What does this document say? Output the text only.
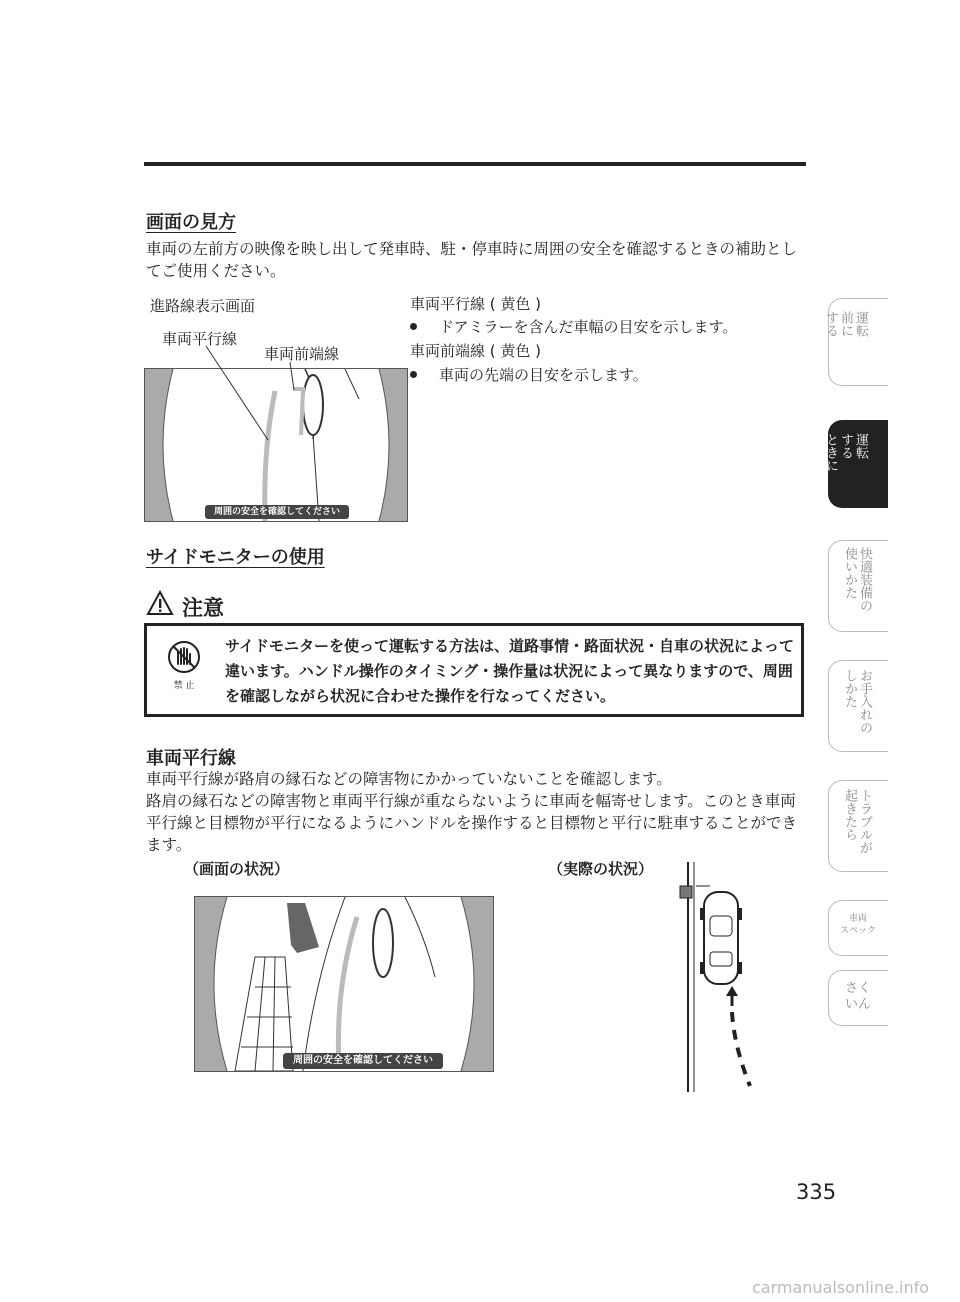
画面の見方

車両の左前方の映像を映し出して発車時、駐・停車時に周囲の安全を確認するときの補助としてご使用ください。

進路線表示画面
車両平行線
車両前端線
周囲の安全を確認してください
車両平行線 ( 黄色 )
ドアミラーを含んだ車幅の目安を示します。
車両前端線 ( 黄色 )
車両の先端の目安を示します。
サイドモニターの使用
注意
禁 止
サイドモニターを使って運転する方法は、道路事情・路面状況・自車の状況によって違います。ハンドル操作のタイミング・操作量は状況によって異なりますので、周囲を確認しながら状況に合わせた操作を行なってください。
車両平行線

車両平行線が路肩の縁石などの障害物にかかっていないことを確認します。

路肩の縁石などの障害物と車両平行線が重ならないように車両を幅寄せします。このとき車両平行線と目標物が平行になるようにハンドルを操作すると目標物と平行に駐車することができます。

（画面の状況）	（実際の状況）
周囲の安全を確認してください
運転
前に
する
運転
する
ときに
快適装備の
使いかた
お手入れの
しかた
トラブルが
起きたら
車両
スペック
さく
いん
335
carmanualsonline.info
